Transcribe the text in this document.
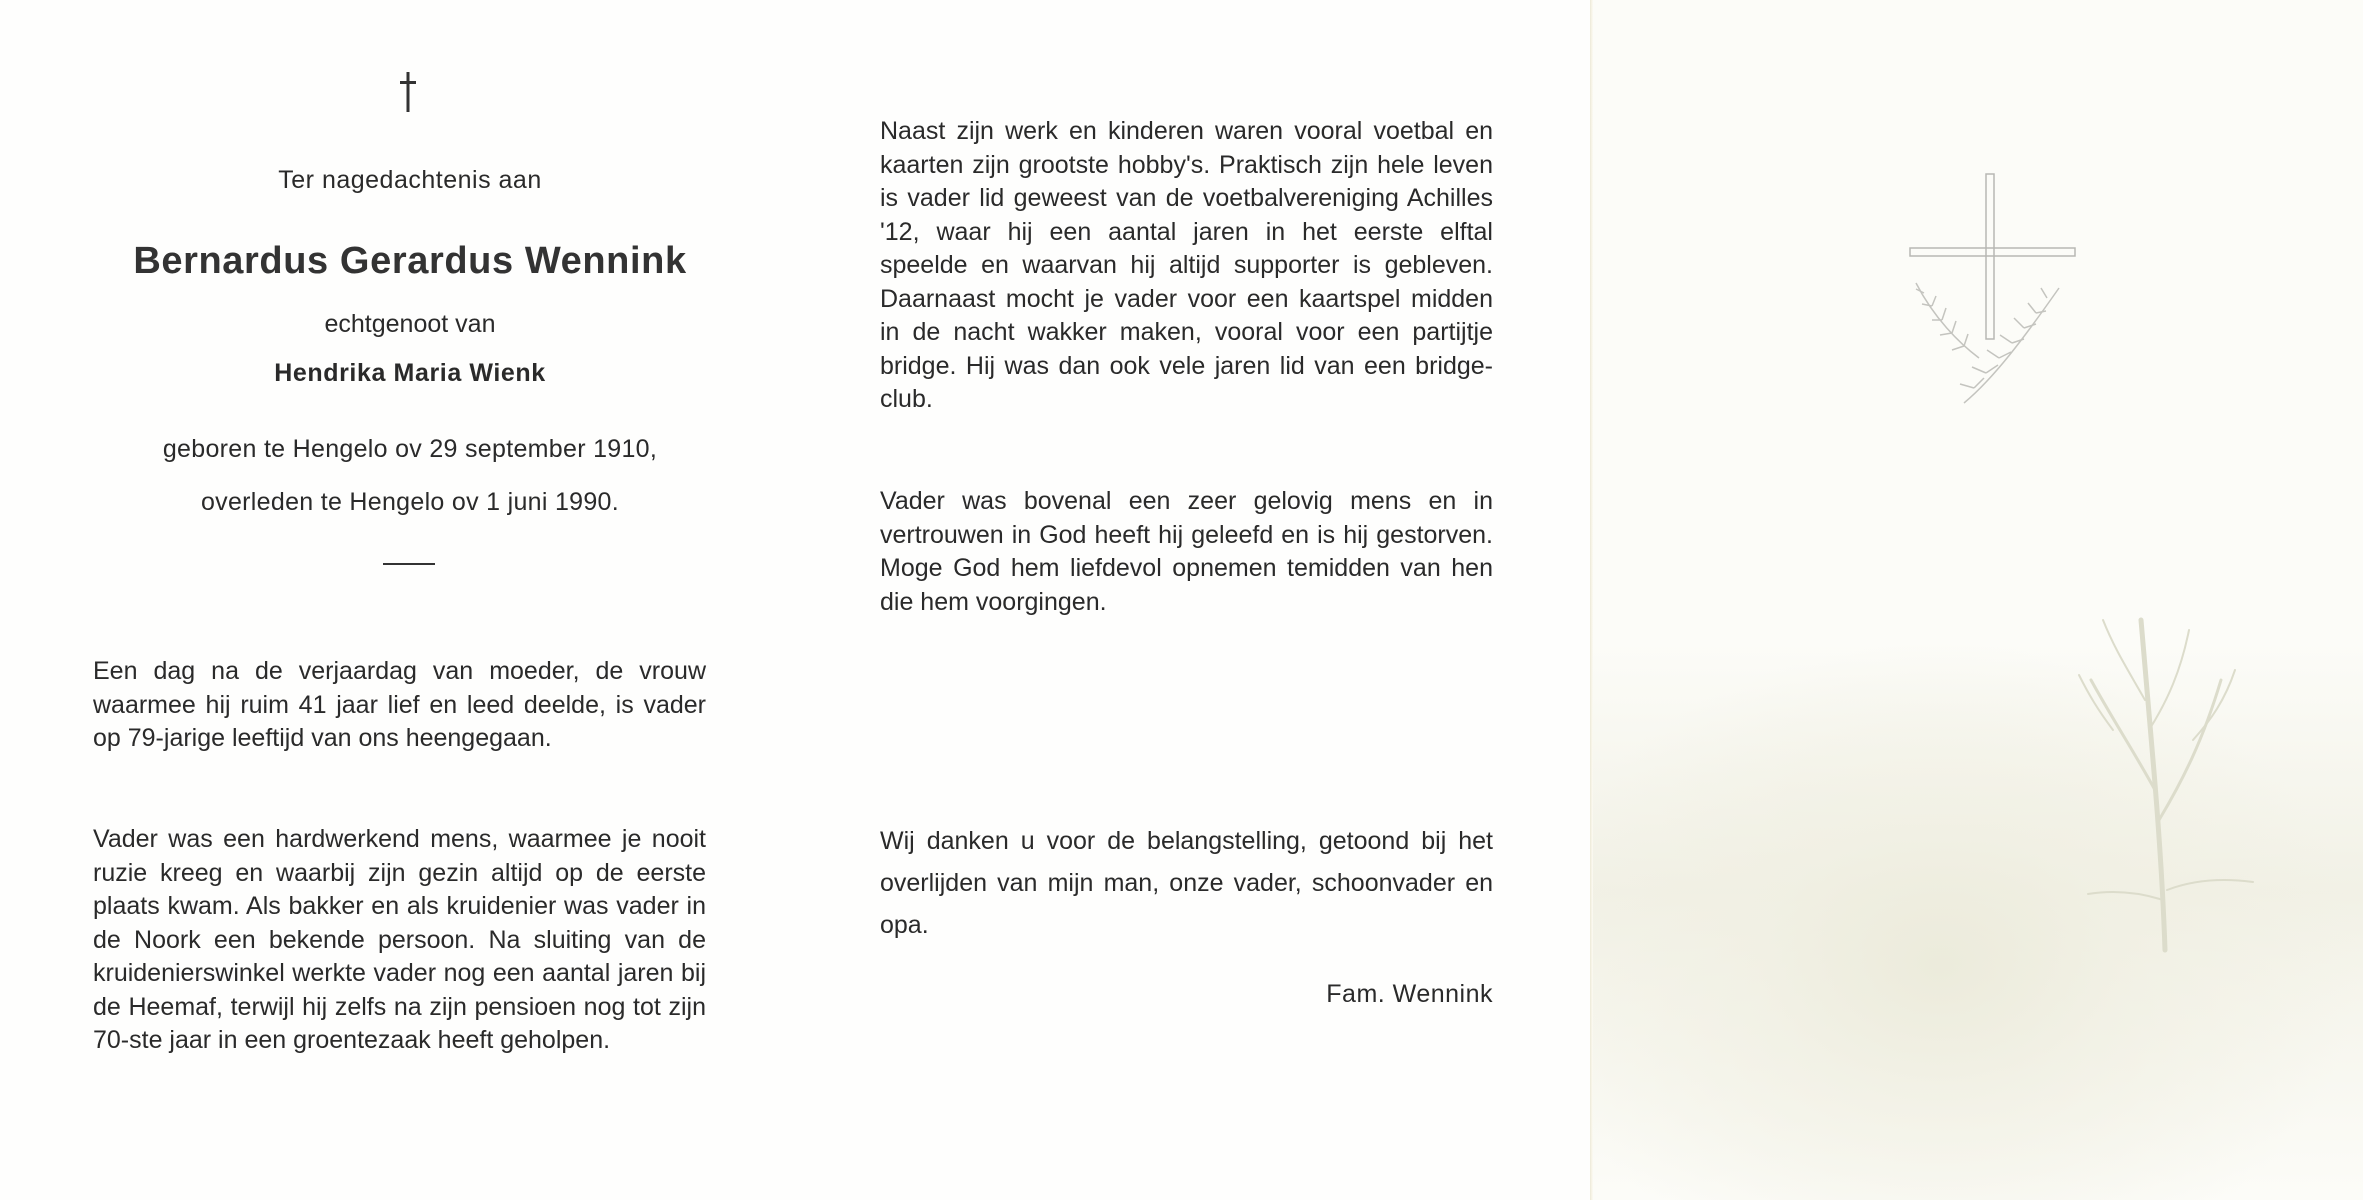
Ter nagedachtenis aan
Bernardus Gerardus Wennink
echtgenoot van
Hendrika Maria Wienk
geboren te Hengelo ov 29 september 1910,
overleden te Hengelo ov 1 juni 1990.

Een dag na de verjaardag van moeder, de vrouw waarmee hij ruim 41 jaar lief en leed deelde, is vader op 79-jarige leeftijd van ons heengegaan.

Vader was een hardwerkend mens, waarmee je nooit ruzie kreeg en waarbij zijn gezin altijd op de eerste plaats kwam. Als bakker en als kruidenier was vader in de Noork een bekende persoon. Na sluiting van de kruidenierswinkel werkte vader nog een aantal jaren bij de Heemaf, terwijl hij zelfs na zijn pensioen nog tot zijn 70-ste jaar in een groentezaak heeft geholpen.

Naast zijn werk en kinderen waren vooral voetbal en kaarten zijn grootste hobby's. Praktisch zijn hele leven is vader lid geweest van de voetbalvereniging Achilles '12, waar hij een aantal jaren in het eerste elftal speelde en waarvan hij altijd supporter is gebleven. Daarnaast mocht je vader voor een kaartspel midden in de nacht wakker maken, vooral voor een partijtje bridge. Hij was dan ook vele jaren lid van een bridge-club.

Vader was bovenal een zeer gelovig mens en in vertrouwen in God heeft hij geleefd en is hij gestorven. Moge God hem liefdevol opnemen temidden van hen die hem voorgingen.

Wij danken u voor de belangstelling, getoond bij het overlijden van mijn man, onze vader, schoonvader en opa.

Fam. Wennink
